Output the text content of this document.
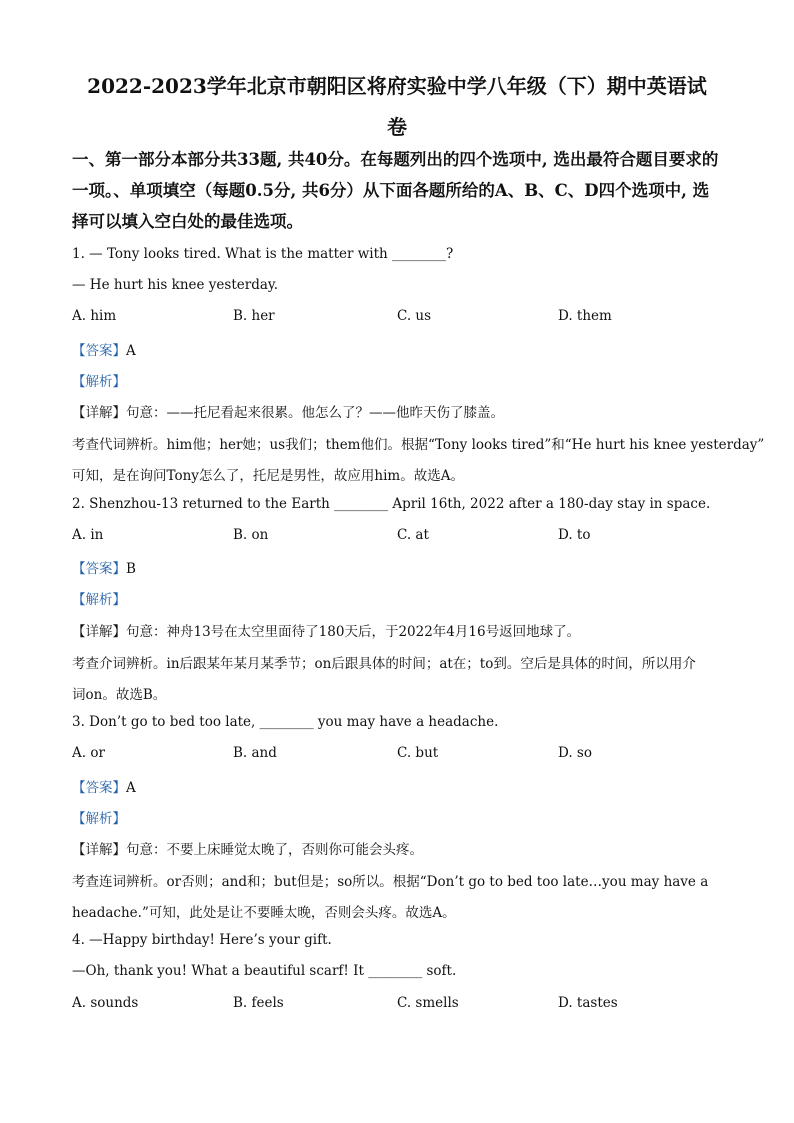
2022-2023学年北京市朝阳区将府实验中学八年级（下）期中英语试
卷
一、第一部分本部分共33题, 共40分。在每题列出的四个选项中, 选出最符合题目要求的一项。、单项填空（每题0.5分, 共6分）从下面各题所给的A、B、C、D四个选项中, 选择可以填入空白处的最佳选项。
1. — Tony looks tired. What is the matter with ________?
— He hurt his knee yesterday.
A. him	B. her	C. us	D. them
【答案】A
【解析】
【详解】句意：——托尼看起来很累。他怎么了？——他昨天伤了膝盖。
考查代词辨析。him他；her她；us我们；them他们。根据“Tony looks tired”和“He hurt his knee yesterday”
可知，是在询问Tony怎么了，托尼是男性，故应用him。故选A。
2. Shenzhou-13 returned to the Earth ________ April 16th, 2022 after a 180-day stay in space.
A. in	B. on	C. at	D. to
【答案】B
【解析】
【详解】句意：神舟13号在太空里面待了180天后，于2022年4月16号返回地球了。
考查介词辨析。in后跟某年某月某季节；on后跟具体的时间；at在；to到。空后是具体的时间，所以用介
词on。故选B。
3. Don’t go to bed too late, ________ you may have a headache.
A. or	B. and	C. but	D. so
【答案】A
【解析】
【详解】句意：不要上床睡觉太晚了，否则你可能会头疼。
考查连词辨析。or否则；and和；but但是；so所以。根据“Don’t go to bed too late…you may have a
headache.”可知，此处是让不要睡太晚，否则会头疼。故选A。
4. —Happy birthday! Here’s your gift.
—Oh, thank you! What a beautiful scarf! It ________ soft.
A. sounds	B. feels	C. smells	D. tastes
